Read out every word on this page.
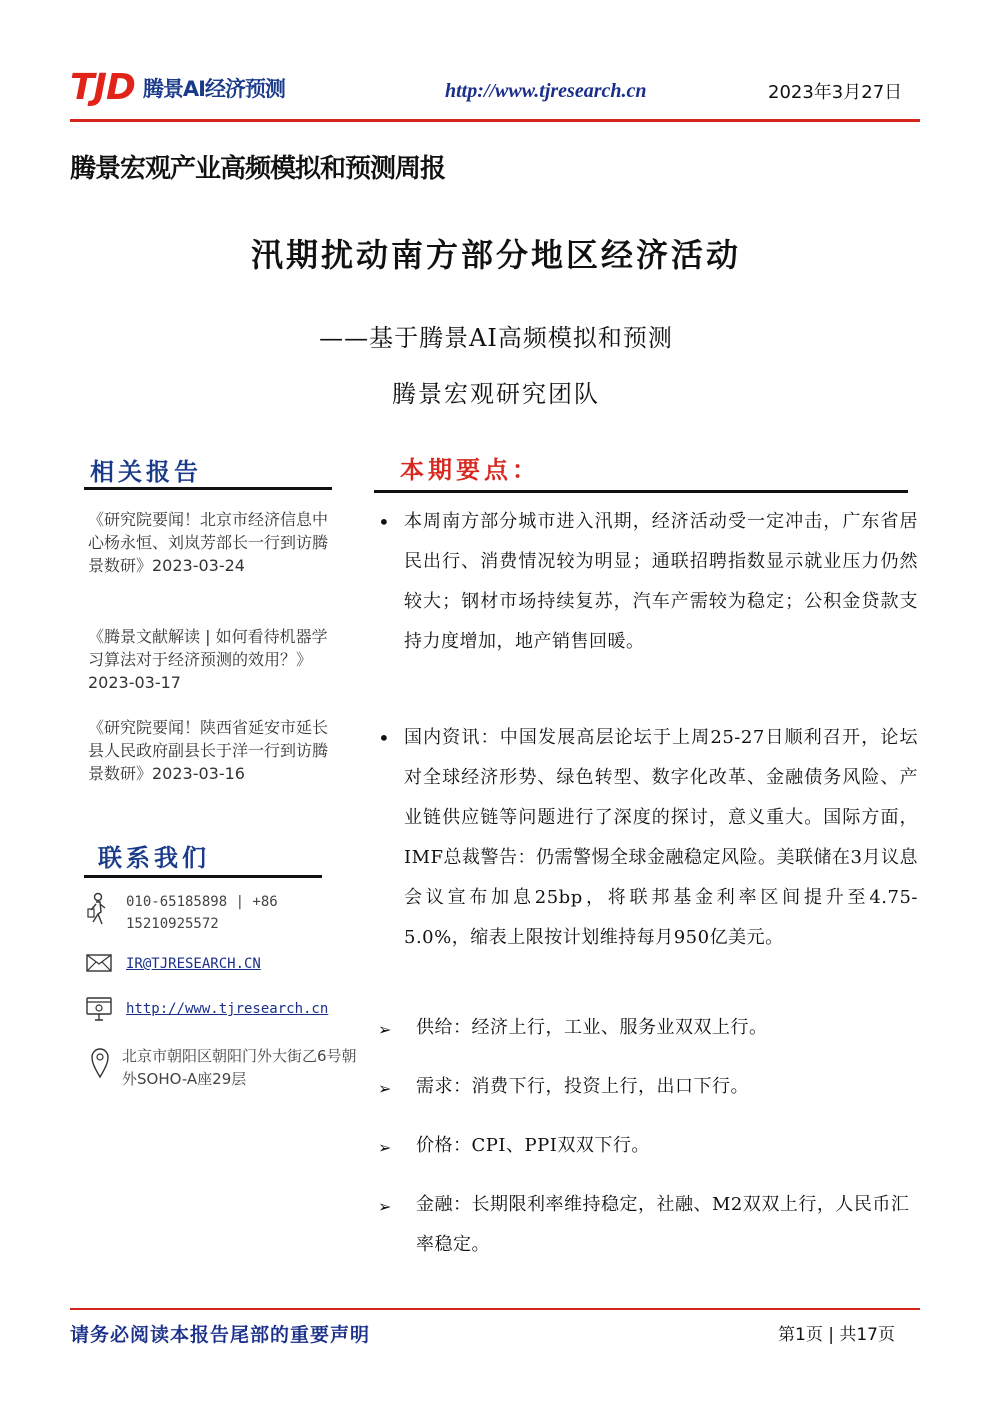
TJD 腾景AI经济预测	http://www.tjresearch.cn	2023年3月27日
腾景宏观产业高频模拟和预测周报
汛期扰动南方部分地区经济活动
——基于腾景AI高频模拟和预测
腾景宏观研究团队
相关报告
《研究院要闻！北京市经济信息中心杨永恒、刘岚芳部长一行到访腾景数研》2023-03-24
《腾景文献解读 | 如何看待机器学习算法对于经济预测的效用？》2023-03-17
《研究院要闻！陕西省延安市延长县人民政府副县长于洋一行到访腾景数研》2023-03-16
联系我们
010-65185898 | +86 15210925572
IR@TJRESEARCH.CN
http://www.tjresearch.cn
北京市朝阳区朝阳门外大街乙6号朝外SOHO-A座29层
本期要点：
• 本周南方部分城市进入汛期，经济活动受一定冲击，广东省居民出行、消费情况较为明显；通联招聘指数显示就业压力仍然较大；钢材市场持续复苏，汽车产需较为稳定；公积金贷款支持力度增加，地产销售回暖。
• 国内资讯：中国发展高层论坛于上周25-27日顺利召开，论坛对全球经济形势、绿色转型、数字化改革、金融债务风险、产业链供应链等问题进行了深度的探讨，意义重大。国际方面，IMF总裁警告：仍需警惕全球金融稳定风险。美联储在3月议息会议宣布加息25bp，将联邦基金利率区间提升至4.75-5.0%，缩表上限按计划维持每月950亿美元。
➢ 供给：经济上行，工业、服务业双双上行。
➢ 需求：消费下行，投资上行，出口下行。
➢ 价格：CPI、PPI双双下行。
➢ 金融：长期限利率维持稳定，社融、M2双双上行，人民币汇率稳定。
请务必阅读本报告尾部的重要声明	第1页 | 共17页
